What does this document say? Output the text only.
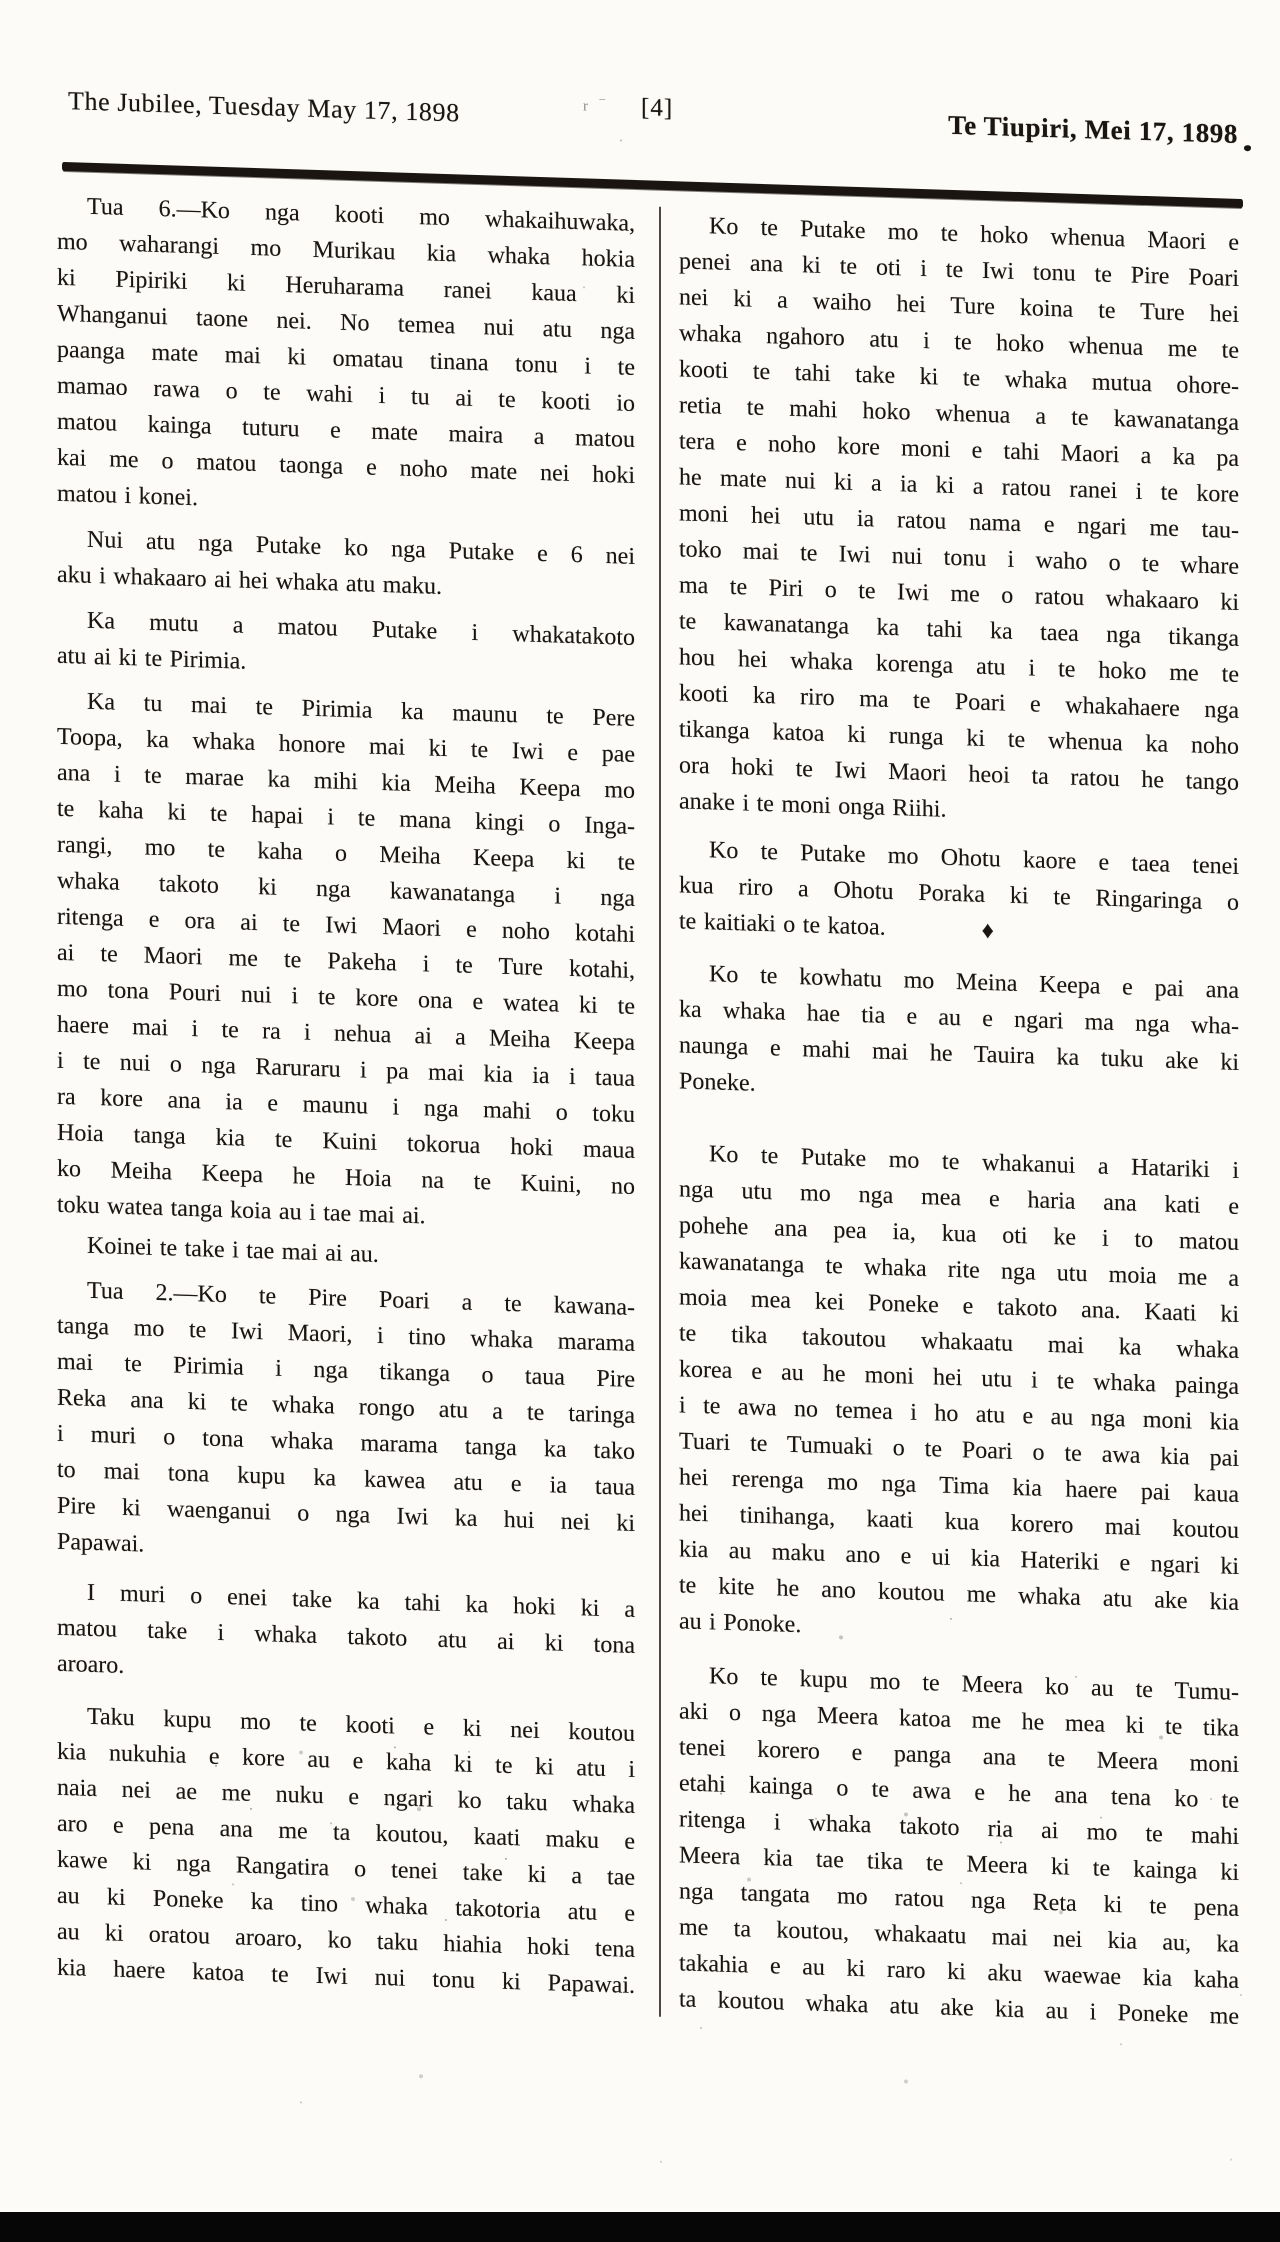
The Jubilee, Tuesday May 17, 1898	r ‾ [4]
Te Tiupiri, Mei 17, 1898
Tua 6.—Ko nga kooti mo whakaihuwaka,
mo waharangi mo Murikau kia whaka hokia
ki Pipiriki ki Heruharama ranei kaua ki
Whanganui taone nei. No temea nui atu nga
paanga mate mai ki omatau tinana tonu i te
mamao rawa o te wahi i tu ai te kooti io
matou kainga tuturu e mate maira a matou
kai me o matou taonga e noho mate nei hoki
matou i konei.
Nui atu nga Putake ko nga Putake e 6 nei
aku i whakaaro ai hei whaka atu maku.
Ka mutu a matou Putake i whakatakoto
atu ai ki te Pirimia.
Ka tu mai te Pirimia ka maunu te Pere
Toopa, ka whaka honore mai ki te Iwi e pae
ana i te marae ka mihi kia Meiha Keepa mo
te kaha ki te hapai i te mana kingi o Inga-
rangi, mo te kaha o Meiha Keepa ki te
whaka takoto ki nga kawanatanga i nga
ritenga e ora ai te Iwi Maori e noho kotahi
ai te Maori me te Pakeha i te Ture kotahi,
mo tona Pouri nui i te kore ona e watea ki te
haere mai i te ra i nehua ai a Meiha Keepa
i te nui o nga Raruraru i pa mai kia ia i taua
ra kore ana ia e maunu i nga mahi o toku
Hoia tanga kia te Kuini tokorua hoki maua
ko Meiha Keepa he Hoia na te Kuini, no
toku watea tanga koia au i tae mai ai.
Koinei te take i tae mai ai au.
Tua 2.—Ko te Pire Poari a te kawana-
tanga mo te Iwi Maori, i tino whaka marama
mai te Pirimia i nga tikanga o taua Pire
Reka ana ki te whaka rongo atu a te taringa
i muri o tona whaka marama tanga ka tako
to mai tona kupu ka kawea atu e ia taua
Pire ki waenganui o nga Iwi ka hui nei ki
Papawai.
I muri o enei take ka tahi ka hoki ki a
matou take i whaka takoto atu ai ki tona
aroaro.
Taku kupu mo te kooti e ki nei koutou
kia nukuhia e kore au e kaha ki te ki atu i
naia nei ae me nuku e ngari ko taku whaka
aro e pena ana me ta koutou, kaati maku e
kawe ki nga Rangatira o tenei take ki a tae
au ki Poneke ka tino whaka takotoria atu e
au ki oratou aroaro, ko taku hiahia hoki tena
kia haere katoa te Iwi nui tonu ki Papawai.
Ko te Putake mo te hoko whenua Maori e
penei ana ki te oti i te Iwi tonu te Pire Poari
nei ki a waiho hei Ture koina te Ture hei
whaka ngahoro atu i te hoko whenua me te
kooti te tahi take ki te whaka mutua ohore-
retia te mahi hoko whenua a te kawanatanga
tera e noho kore moni e tahi Maori a ka pa
he mate nui ki a ia ki a ratou ranei i te kore
moni hei utu ia ratou nama e ngari me tau-
toko mai te Iwi nui tonu i waho o te whare
ma te Piri o te Iwi me o ratou whakaaro ki
te kawanatanga ka tahi ka taea nga tikanga
hou hei whaka korenga atu i te hoko me te
kooti ka riro ma te Poari e whakahaere nga
tikanga katoa ki runga ki te whenua ka noho
ora hoki te Iwi Maori heoi ta ratou he tango
anake i te moni onga Riihi.
Ko te Putake mo Ohotu kaore e taea tenei
kua riro a Ohotu Poraka ki te Ringaringa o
te kaitiaki o te katoa.    ♦
Ko te kowhatu mo Meina Keepa e pai ana
ka whaka hae tia e au e ngari ma nga wha-
naunga e mahi mai he Tauira ka tuku ake ki
Poneke.
Ko te Putake mo te whakanui a Hatariki i
nga utu mo nga mea e haria ana kati e
pohehe ana pea ia, kua oti ke i to matou
kawanatanga te whaka rite nga utu moia me a
moia mea kei Poneke e takoto ana. Kaati ki
te tika takoutou whakaatu mai ka whaka
korea e au he moni hei utu i te whaka painga
i te awa no temea i ho atu e au nga moni kia
Tuari te Tumuaki o te Poari o te awa kia pai
hei rerenga mo nga Tima kia haere pai kaua
hei tinihanga, kaati kua korero mai koutou
kia au maku ano e ui kia Hateriki e ngari ki
te kite he ano koutou me whaka atu ake kia
au i Ponoke.
Ko te kupu mo te Meera ko au te Tumu-
aki o nga Meera katoa me he mea ki te tika
tenei korero e panga ana te Meera moni
etahi kainga o te awa e he ana tena ko te
ritenga i whaka takoto ria ai mo te mahi
Meera kia tae tika te Meera ki te kainga ki
nga tangata mo ratou nga Reta ki te pena
me ta koutou, whakaatu mai nei kia au, ka
takahia e au ki raro ki aku waewae kia kaha
ta koutou whaka atu ake kia au i Poneke me
